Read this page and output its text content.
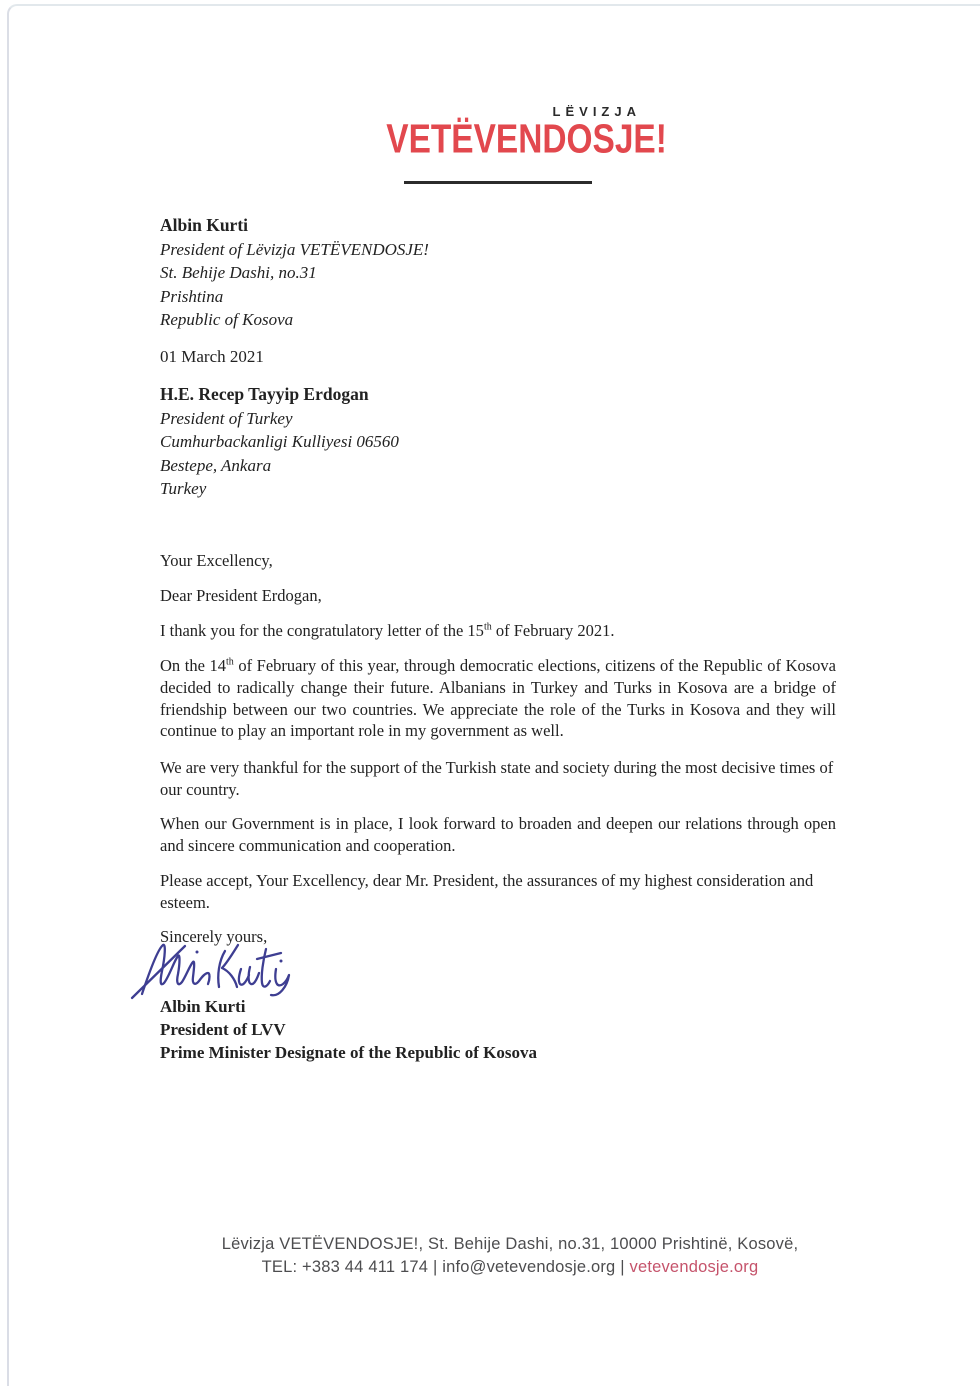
LËVIZJA
VETËVENDOSJE!
Albin Kurti
President of Lëvizja VETËVENDOSJE!
St. Behije Dashi, no.31
Prishtina
Republic of Kosova
01 March 2021
H.E. Recep Tayyip Erdogan
President of Turkey
Cumhurbackanligi Kulliyesi 06560
Bestepe, Ankara
Turkey
Your Excellency,
Dear President Erdogan,
I thank you for the congratulatory letter of the 15th of February 2021.
On the 14th of February of this year, through democratic elections, citizens of the Republic of Kosova decided to radically change their future. Albanians in Turkey and Turks in Kosova are a bridge of friendship between our two countries. We appreciate the role of the Turks in Kosova and they will continue to play an important role in my government as well.
We are very thankful for the support of the Turkish state and society during the most decisive times of our country.
When our Government is in place, I look forward to broaden and deepen our relations through open and sincere communication and cooperation.
Please accept, Your Excellency, dear Mr. President, the assurances of my highest consideration and esteem.
Sincerely yours,
Albin Kurti
President of LVV
Prime Minister Designate of the Republic of Kosova
Lëvizja VETËVENDOSJE!, St. Behije Dashi, no.31, 10000 Prishtinë, Kosovë,
TEL: +383 44 411 174 | info@vetevendosje.org | vetevendosje.org
